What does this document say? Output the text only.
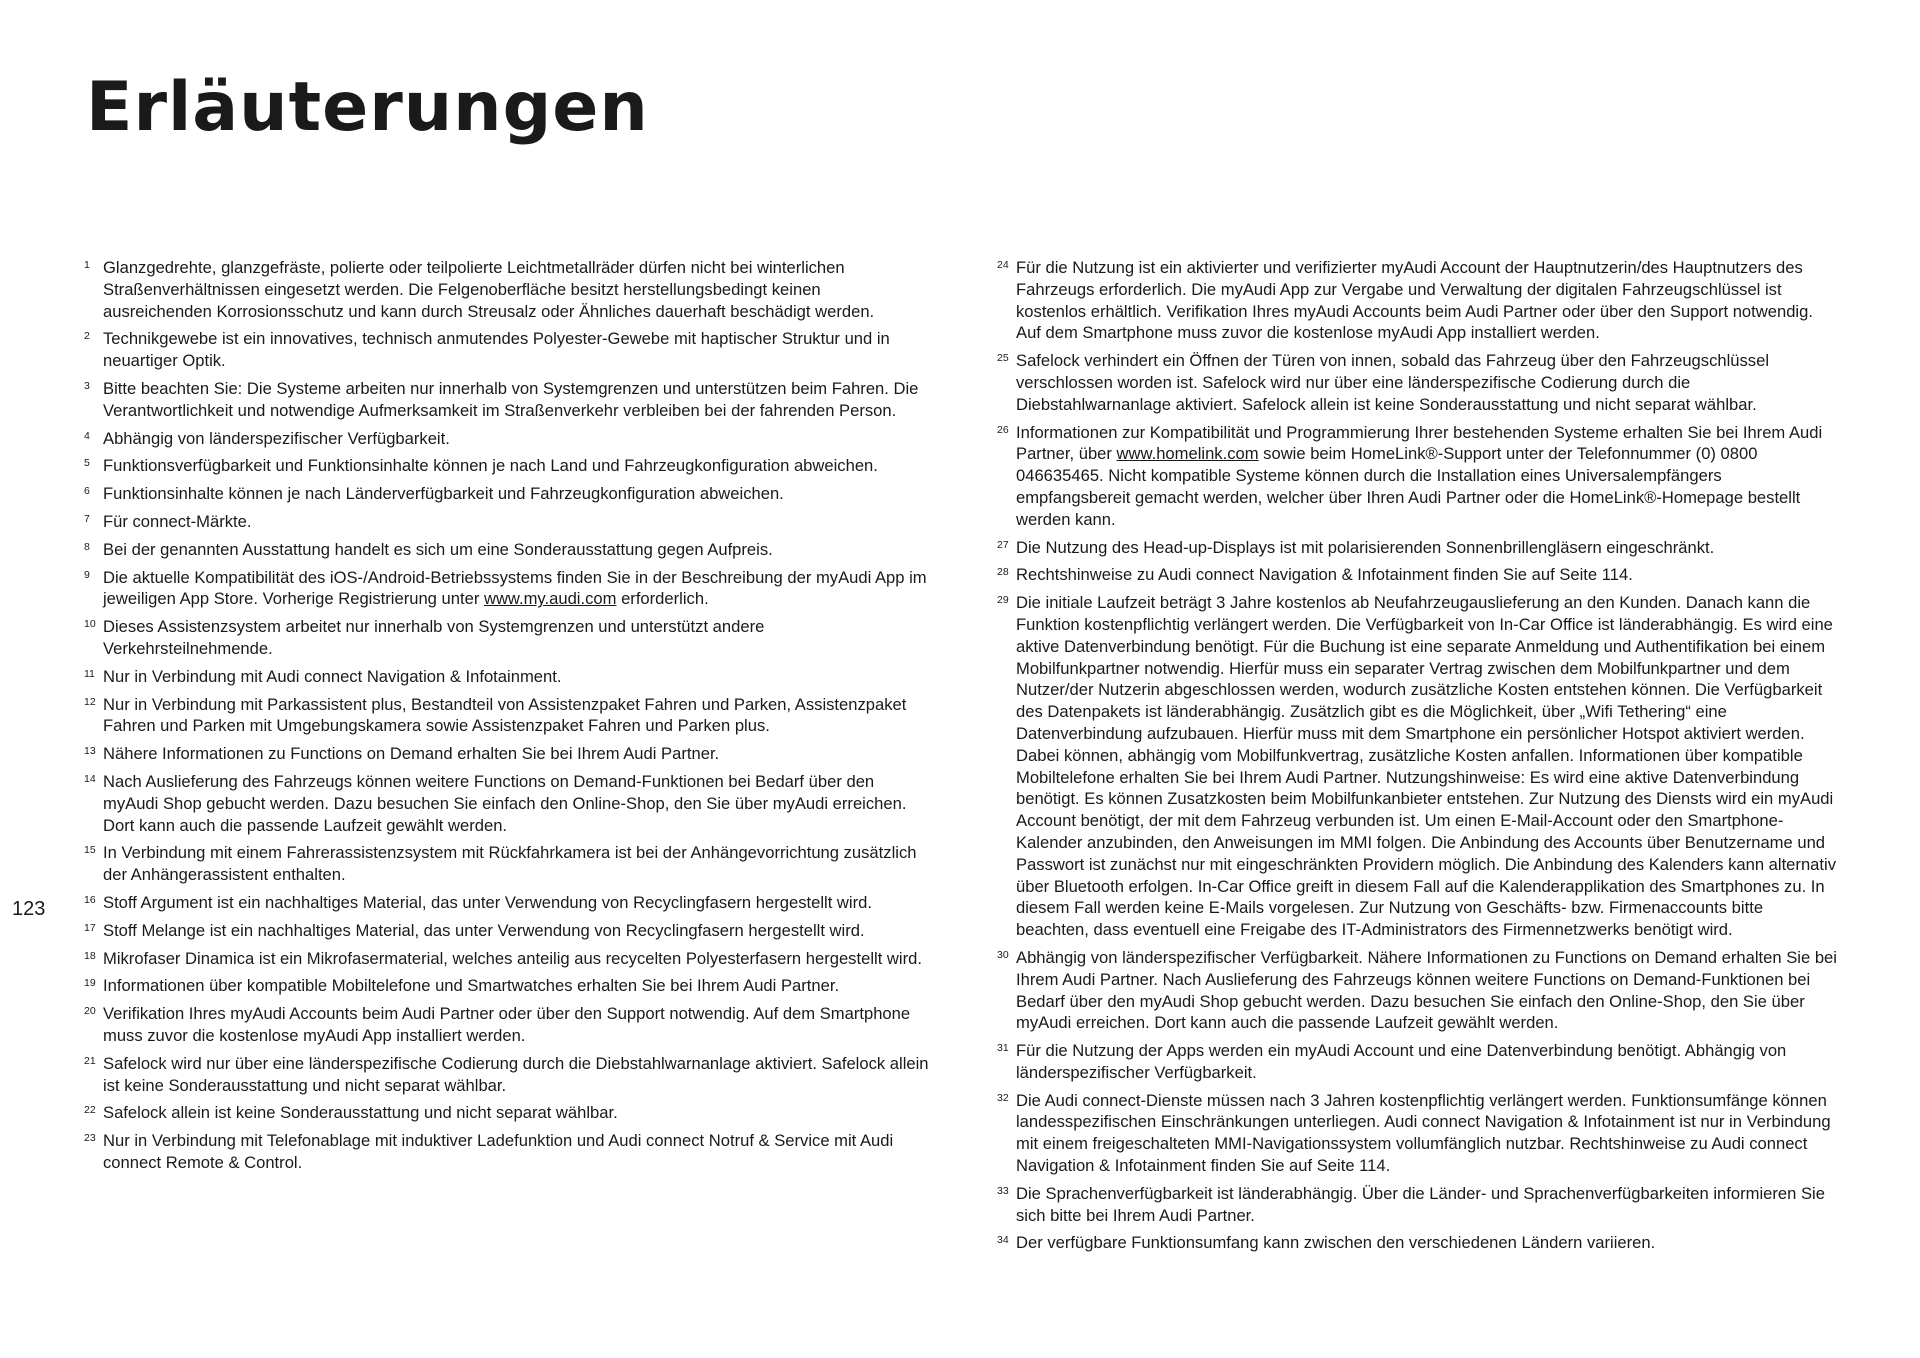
Erläuterungen
123
1 Glanzgedrehte, glanzgefräste, polierte oder teilpolierte Leichtmetallräder dürfen nicht bei winterlichen Straßenverhältnissen eingesetzt werden. Die Felgenoberfläche besitzt herstellungsbedingt keinen ausreichenden Korrosionsschutz und kann durch Streusalz oder Ähnliches dauerhaft beschädigt werden.
2 Technikgewebe ist ein innovatives, technisch anmutendes Polyester-Gewebe mit haptischer Struktur und in neuartiger Optik.
3 Bitte beachten Sie: Die Systeme arbeiten nur innerhalb von Systemgrenzen und unterstützen beim Fahren. Die Verantwortlichkeit und notwendige Aufmerksamkeit im Straßenverkehr verbleiben bei der fahrenden Person.
4 Abhängig von länderspezifischer Verfügbarkeit.
5 Funktionsverfügbarkeit und Funktionsinhalte können je nach Land und Fahrzeugkonfiguration abweichen.
6 Funktionsinhalte können je nach Länderverfügbarkeit und Fahrzeugkonfiguration abweichen.
7 Für connect-Märkte.
8 Bei der genannten Ausstattung handelt es sich um eine Sonderausstattung gegen Aufpreis.
9 Die aktuelle Kompatibilität des iOS-/Android-Betriebssystems finden Sie in der Beschreibung der myAudi App im jeweiligen App Store. Vorherige Registrierung unter www.my.audi.com erforderlich.
10 Dieses Assistenzsystem arbeitet nur innerhalb von Systemgrenzen und unterstützt andere Verkehrsteilnehmende.
11 Nur in Verbindung mit Audi connect Navigation & Infotainment.
12 Nur in Verbindung mit Parkassistent plus, Bestandteil von Assistenzpaket Fahren und Parken, Assistenzpaket Fahren und Parken mit Umgebungskamera sowie Assistenzpaket Fahren und Parken plus.
13 Nähere Informationen zu Functions on Demand erhalten Sie bei Ihrem Audi Partner.
14 Nach Auslieferung des Fahrzeugs können weitere Functions on Demand-Funktionen bei Bedarf über den myAudi Shop gebucht werden. Dazu besuchen Sie einfach den Online-Shop, den Sie über myAudi erreichen. Dort kann auch die passende Laufzeit gewählt werden.
15 In Verbindung mit einem Fahrerassistenzsystem mit Rückfahrkamera ist bei der Anhängevorrichtung zusätzlich der Anhängerassistent enthalten.
16 Stoff Argument ist ein nachhaltiges Material, das unter Verwendung von Recyclingfasern hergestellt wird.
17 Stoff Melange ist ein nachhaltiges Material, das unter Verwendung von Recyclingfasern hergestellt wird.
18 Mikrofaser Dinamica ist ein Mikrofasermaterial, welches anteilig aus recycelten Polyesterfasern hergestellt wird.
19 Informationen über kompatible Mobiltelefone und Smartwatches erhalten Sie bei Ihrem Audi Partner.
20 Verifikation Ihres myAudi Accounts beim Audi Partner oder über den Support notwendig. Auf dem Smartphone muss zuvor die kostenlose myAudi App installiert werden.
21 Safelock wird nur über eine länderspezifische Codierung durch die Diebstahlwarnanlage aktiviert. Safelock allein ist keine Sonderausstattung und nicht separat wählbar.
22 Safelock allein ist keine Sonderausstattung und nicht separat wählbar.
23 Nur in Verbindung mit Telefonablage mit induktiver Ladefunktion und Audi connect Notruf & Service mit Audi connect Remote & Control.
24 Für die Nutzung ist ein aktivierter und verifizierter myAudi Account der Hauptnutzerin/des Hauptnutzers des Fahrzeugs erforderlich. Die myAudi App zur Vergabe und Verwaltung der digitalen Fahrzeugschlüssel ist kostenlos erhältlich. Verifikation Ihres myAudi Accounts beim Audi Partner oder über den Support notwendig. Auf dem Smartphone muss zuvor die kostenlose myAudi App installiert werden.
25 Safelock verhindert ein Öffnen der Türen von innen, sobald das Fahrzeug über den Fahrzeugschlüssel verschlossen worden ist. Safelock wird nur über eine länderspezifische Codierung durch die Diebstahlwarnanlage aktiviert. Safelock allein ist keine Sonderausstattung und nicht separat wählbar.
26 Informationen zur Kompatibilität und Programmierung Ihrer bestehenden Systeme erhalten Sie bei Ihrem Audi Partner, über www.homelink.com sowie beim HomeLink®-Support unter der Telefonnummer (0) 0800 046635465. Nicht kompatible Systeme können durch die Installation eines Universalempfängers empfangsbereit gemacht werden, welcher über Ihren Audi Partner oder die HomeLink®-Homepage bestellt werden kann.
27 Die Nutzung des Head-up-Displays ist mit polarisierenden Sonnenbrillengläsern eingeschränkt.
28 Rechtshinweise zu Audi connect Navigation & Infotainment finden Sie auf Seite 114.
29 Die initiale Laufzeit beträgt 3 Jahre kostenlos ab Neufahrzeugauslieferung an den Kunden. Danach kann die Funktion kostenpflichtig verlängert werden. Die Verfügbarkeit von In-Car Office ist länderabhängig. Es wird eine aktive Datenverbindung benötigt. Für die Buchung ist eine separate Anmeldung und Authentifikation bei einem Mobilfunkpartner notwendig. Hierfür muss ein separater Vertrag zwischen dem Mobilfunkpartner und dem Nutzer/der Nutzerin abgeschlossen werden, wodurch zusätzliche Kosten entstehen können. Die Verfügbarkeit des Datenpakets ist länderabhängig. Zusätzlich gibt es die Möglichkeit, über „Wifi Tethering“ eine Datenverbindung aufzubauen. Hierfür muss mit dem Smartphone ein persönlicher Hotspot aktiviert werden. Dabei können, abhängig vom Mobilfunkvertrag, zusätzliche Kosten anfallen. Informationen über kompatible Mobiltelefone erhalten Sie bei Ihrem Audi Partner. Nutzungshinweise: Es wird eine aktive Datenverbindung benötigt. Es können Zusatzkosten beim Mobilfunkanbieter entstehen. Zur Nutzung des Diensts wird ein myAudi Account benötigt, der mit dem Fahrzeug verbunden ist. Um einen E-Mail-Account oder den Smartphone-Kalender anzubinden, den Anweisungen im MMI folgen. Die Anbindung des Accounts über Benutzername und Passwort ist zunächst nur mit eingeschränkten Providern möglich. Die Anbindung des Kalenders kann alternativ über Bluetooth erfolgen. In-Car Office greift in diesem Fall auf die Kalenderapplikation des Smartphones zu. In diesem Fall werden keine E-Mails vorgelesen. Zur Nutzung von Geschäfts- bzw. Firmenaccounts bitte beachten, dass eventuell eine Freigabe des IT-Administrators des Firmennetzwerks benötigt wird.
30 Abhängig von länderspezifischer Verfügbarkeit. Nähere Informationen zu Functions on Demand erhalten Sie bei Ihrem Audi Partner. Nach Auslieferung des Fahrzeugs können weitere Functions on Demand-Funktionen bei Bedarf über den myAudi Shop gebucht werden. Dazu besuchen Sie einfach den Online-Shop, den Sie über myAudi erreichen. Dort kann auch die passende Laufzeit gewählt werden.
31 Für die Nutzung der Apps werden ein myAudi Account und eine Datenverbindung benötigt. Abhängig von länderspezifischer Verfügbarkeit.
32 Die Audi connect-Dienste müssen nach 3 Jahren kostenpflichtig verlängert werden. Funktionsumfänge können landesspezifischen Einschränkungen unterliegen. Audi connect Navigation & Infotainment ist nur in Verbindung mit einem freigeschalteten MMI-Navigationssystem vollumfänglich nutzbar. Rechtshinweise zu Audi connect Navigation & Infotainment finden Sie auf Seite 114.
33 Die Sprachenverfügbarkeit ist länderabhängig. Über die Länder- und Sprachenverfügbarkeiten informieren Sie sich bitte bei Ihrem Audi Partner.
34 Der verfügbare Funktionsumfang kann zwischen den verschiedenen Ländern variieren.
